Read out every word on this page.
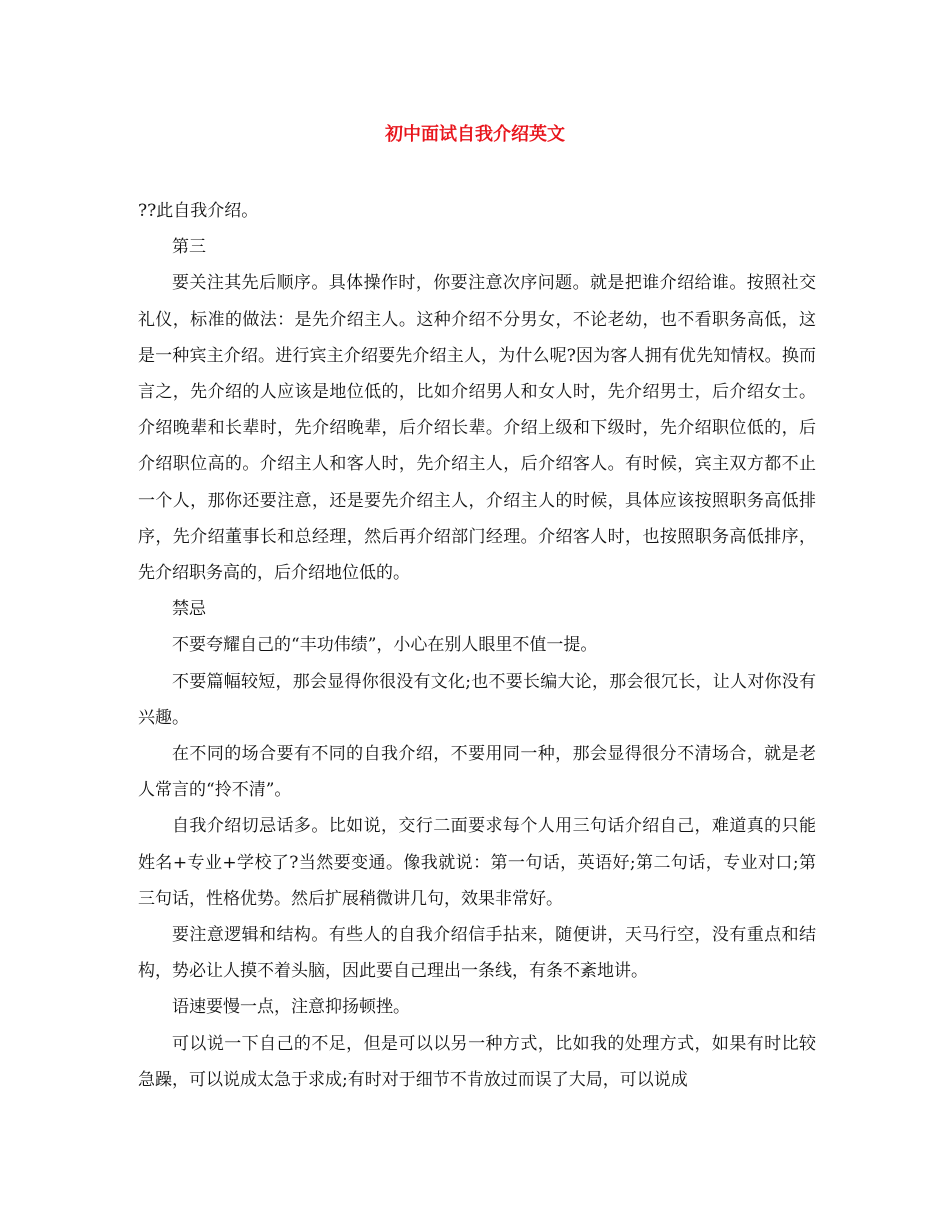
初中面试自我介绍英文

??此自我介绍。

第三

要关注其先后顺序。具体操作时，你要注意次序问题。就是把谁介绍给谁。按照社交礼仪，标准的做法：是先介绍主人。这种介绍不分男女，不论老幼，也不看职务高低，这是一种宾主介绍。进行宾主介绍要先介绍主人，为什么呢?因为客人拥有优先知情权。换而言之，先介绍的人应该是地位低的，比如介绍男人和女人时，先介绍男士，后介绍女士。介绍晚辈和长辈时，先介绍晚辈，后介绍长辈。介绍上级和下级时，先介绍职位低的，后介绍职位高的。介绍主人和客人时，先介绍主人，后介绍客人。有时候，宾主双方都不止一个人，那你还要注意，还是要先介绍主人，介绍主人的时候，具体应该按照职务高低排序，先介绍董事长和总经理，然后再介绍部门经理。介绍客人时，也按照职务高低排序，先介绍职务高的，后介绍地位低的。

禁忌

不要夸耀自己的“丰功伟绩”，小心在别人眼里不值一提。

不要篇幅较短，那会显得你很没有文化;也不要长编大论，那会很冗长，让人对你没有兴趣。

在不同的场合要有不同的自我介绍，不要用同一种，那会显得很分不清场合，就是老人常言的“拎不清”。

自我介绍切忌话多。比如说，交行二面要求每个人用三句话介绍自己，难道真的只能姓名+专业+学校了?当然要变通。像我就说：第一句话，英语好;第二句话，专业对口;第三句话，性格优势。然后扩展稍微讲几句，效果非常好。

要注意逻辑和结构。有些人的自我介绍信手拈来，随便讲，天马行空，没有重点和结构，势必让人摸不着头脑，因此要自己理出一条线，有条不紊地讲。

语速要慢一点，注意抑扬顿挫。

可以说一下自己的不足，但是可以以另一种方式，比如我的处理方式，如果有时比较急躁，可以说成太急于求成;有时对于细节不肯放过而误了大局，可以说成
